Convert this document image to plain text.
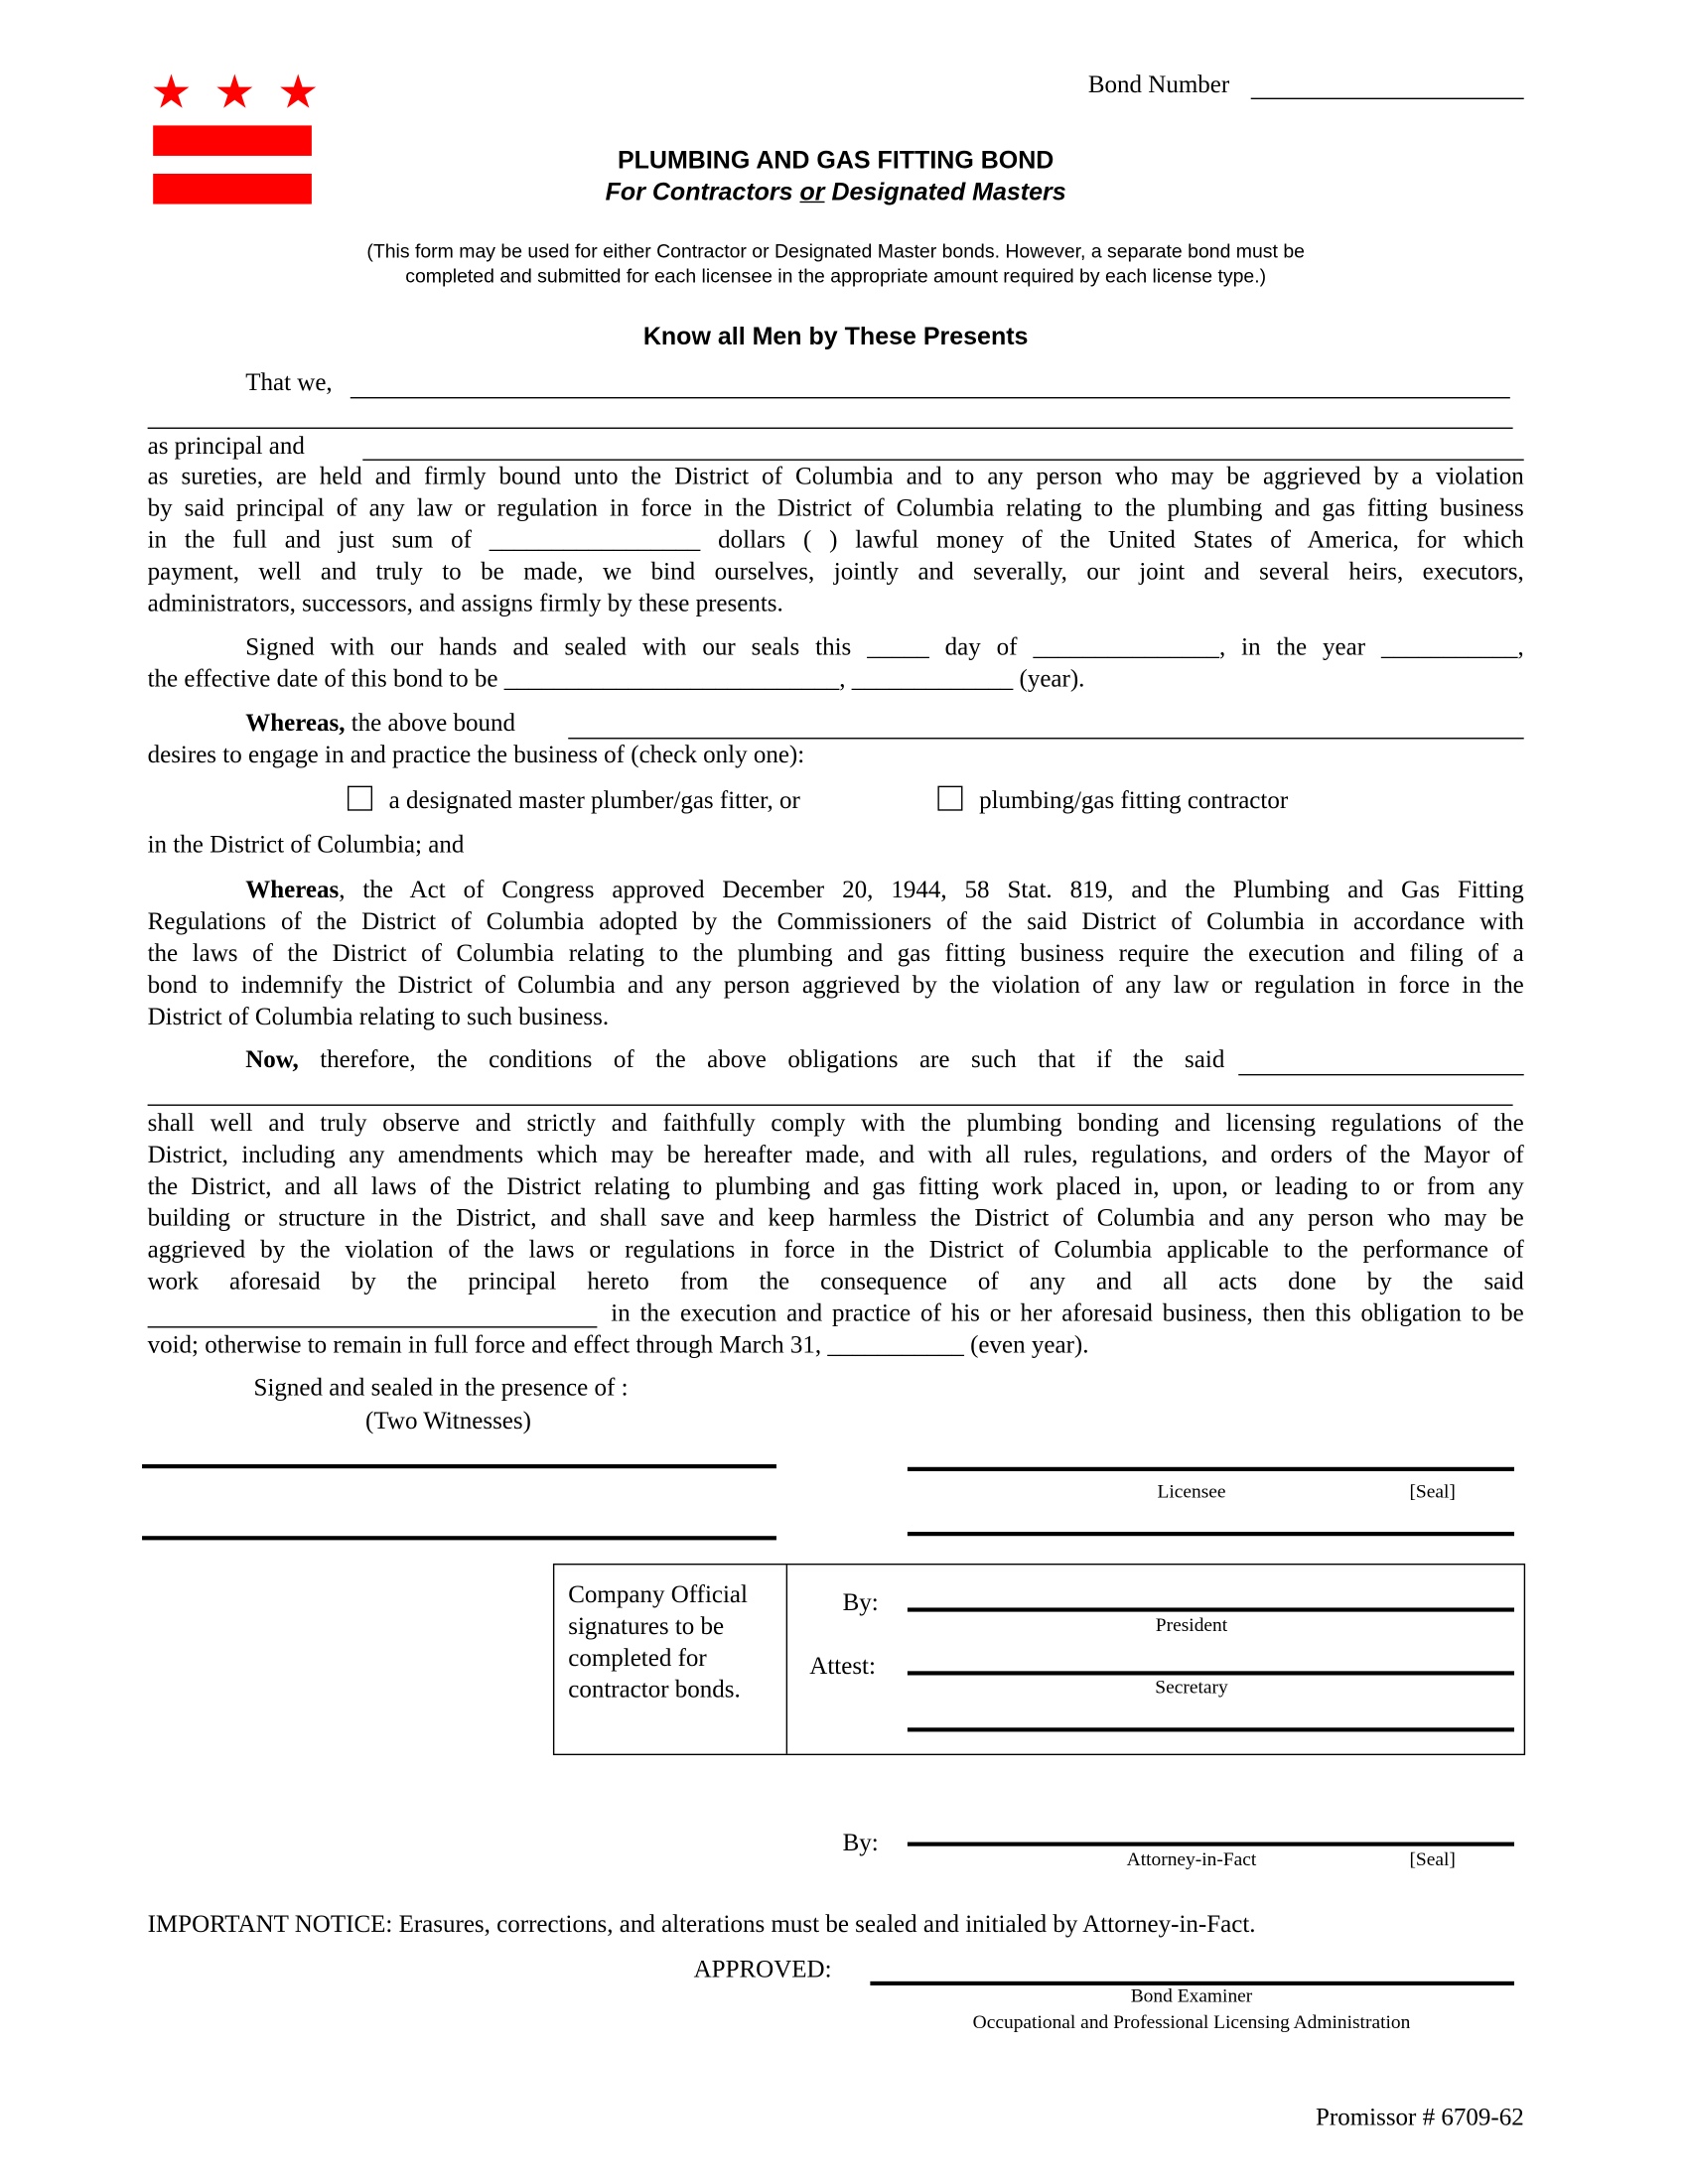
★ ★ ★	Bond Number
PLUMBING AND GAS FITTING BOND
For Contractors or Designated Masters
(This form may be used for either Contractor or Designated Master bonds. However, a separate bond must be
completed and submitted for each licensee in the appropriate amount required by each license type.)
Know all Men by These Presents
That we,
as principal and
as sureties, are held and firmly bound unto the District of Columbia and to any person who may be aggrieved by a violation
by said principal of any law or regulation in force in the District of Columbia relating to the plumbing and gas fitting business
in the full and just sum of _________________ dollars ( ) lawful money of the United States of America, for which
payment, well and truly to be made, we bind ourselves, jointly and severally, our joint and several heirs, executors,
administrators, successors, and assigns firmly by these presents.
Signed with our hands and sealed with our seals this _____ day of _______________, in the year ___________,
the effective date of this bond to be ___________________________, _____________ (year).
Whereas, the above bound
desires to engage in and practice the business of (check only one):
a designated master plumber/gas fitter, or	plumbing/gas fitting contractor
in the District of Columbia; and
Whereas, the Act of Congress approved December 20, 1944, 58 Stat. 819, and the Plumbing and Gas Fitting
Regulations of the District of Columbia adopted by the Commissioners of the said District of Columbia in accordance with
the laws of the District of Columbia relating to the plumbing and gas fitting business require the execution and filing of a
bond to indemnify the District of Columbia and any person aggrieved by the violation of any law or regulation in force in the
District of Columbia relating to such business.
Now, therefore, the conditions of the above obligations are such that if the said
shall well and truly observe and strictly and faithfully comply with the plumbing bonding and licensing regulations of the
District, including any amendments which may be hereafter made, and with all rules, regulations, and orders of the Mayor of
the District, and all laws of the District relating to plumbing and gas fitting work placed in, upon, or leading to or from any
building or structure in the District, and shall save and keep harmless the District of Columbia and any person who may be
aggrieved by the violation of the laws or regulations in force in the District of Columbia applicable to the performance of
work aforesaid by the principal hereto from the consequence of any and all acts done by the said
in the execution and practice of his or her aforesaid business, then this obligation to be
void; otherwise to remain in full force and effect through March 31, ___________ (even year).
Signed and sealed in the presence of :
(Two Witnesses)
Licensee	[Seal]
Company Official
signatures to be
completed for
contractor bonds.
By:
President
Attest:
Secretary
By:
Attorney-in-Fact	[Seal]
IMPORTANT NOTICE: Erasures, corrections, and alterations must be sealed and initialed by Attorney-in-Fact.
APPROVED:
Bond Examiner
Occupational and Professional Licensing Administration
Promissor # 6709-62
